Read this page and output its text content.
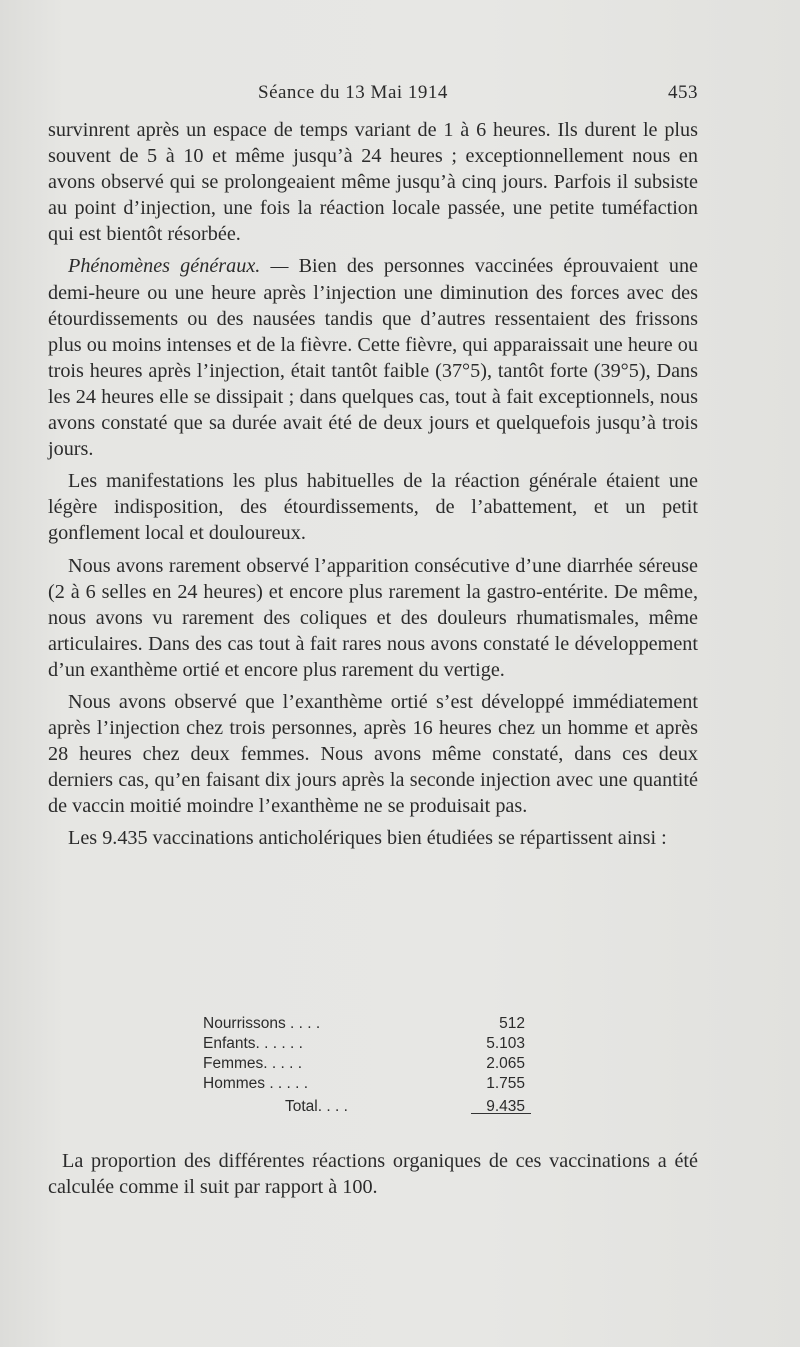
Séance du 13 Mai 1914	453

survinrent après un espace de temps variant de 1 à 6 heures. Ils durent le plus souvent de 5 à 10 et même jusqu’à 24 heures ; exceptionnellement nous en avons observé qui se prolongeaient même jusqu’à cinq jours. Parfois il subsiste au point d’injection, une fois la réaction locale passée, une petite tuméfaction qui est bientôt résorbée.

Phénomènes généraux. — Bien des personnes vaccinées éprouvaient une demi-heure ou une heure après l’injection une diminution des forces avec des étourdissements ou des nausées tandis que d’autres ressentaient des frissons plus ou moins intenses et de la fièvre. Cette fièvre, qui apparaissait une heure ou trois heures après l’injection, était tantôt faible (37°5), tantôt forte (39°5), Dans les 24 heures elle se dissipait ; dans quelques cas, tout à fait exceptionnels, nous avons constaté que sa durée avait été de deux jours et quelquefois jusqu’à trois jours.

Les manifestations les plus habituelles de la réaction générale étaient une légère indisposition, des étourdissements, de l’abattement, et un petit gonflement local et douloureux.

Nous avons rarement observé l’apparition consécutive d’une diarrhée séreuse (2 à 6 selles en 24 heures) et encore plus rarement la gastro-entérite. De même, nous avons vu rarement des coliques et des douleurs rhumatismales, même articulaires. Dans des cas tout à fait rares nous avons constaté le développement d’un exanthème ortié et encore plus rarement du vertige.

Nous avons observé que l’exanthème ortié s’est développé immédiatement après l’injection chez trois personnes, après 16 heures chez un homme et après 28 heures chez deux femmes. Nous avons même constaté, dans ces deux derniers cas, qu’en faisant dix jours après la seconde injection avec une quantité de vaccin moitié moindre l’exanthème ne se produisait pas.

Les 9.435 vaccinations anticholériques bien étudiées se répartissent ainsi :

Nourrissons . . . .	512
Enfants. . . . . .	5.103
Femmes. . . . .	2.065
Hommes . . . . .	1.755
Total. . . .	9.435

La proportion des différentes réactions organiques de ces vaccinations a été calculée comme il suit par rapport à 100.
